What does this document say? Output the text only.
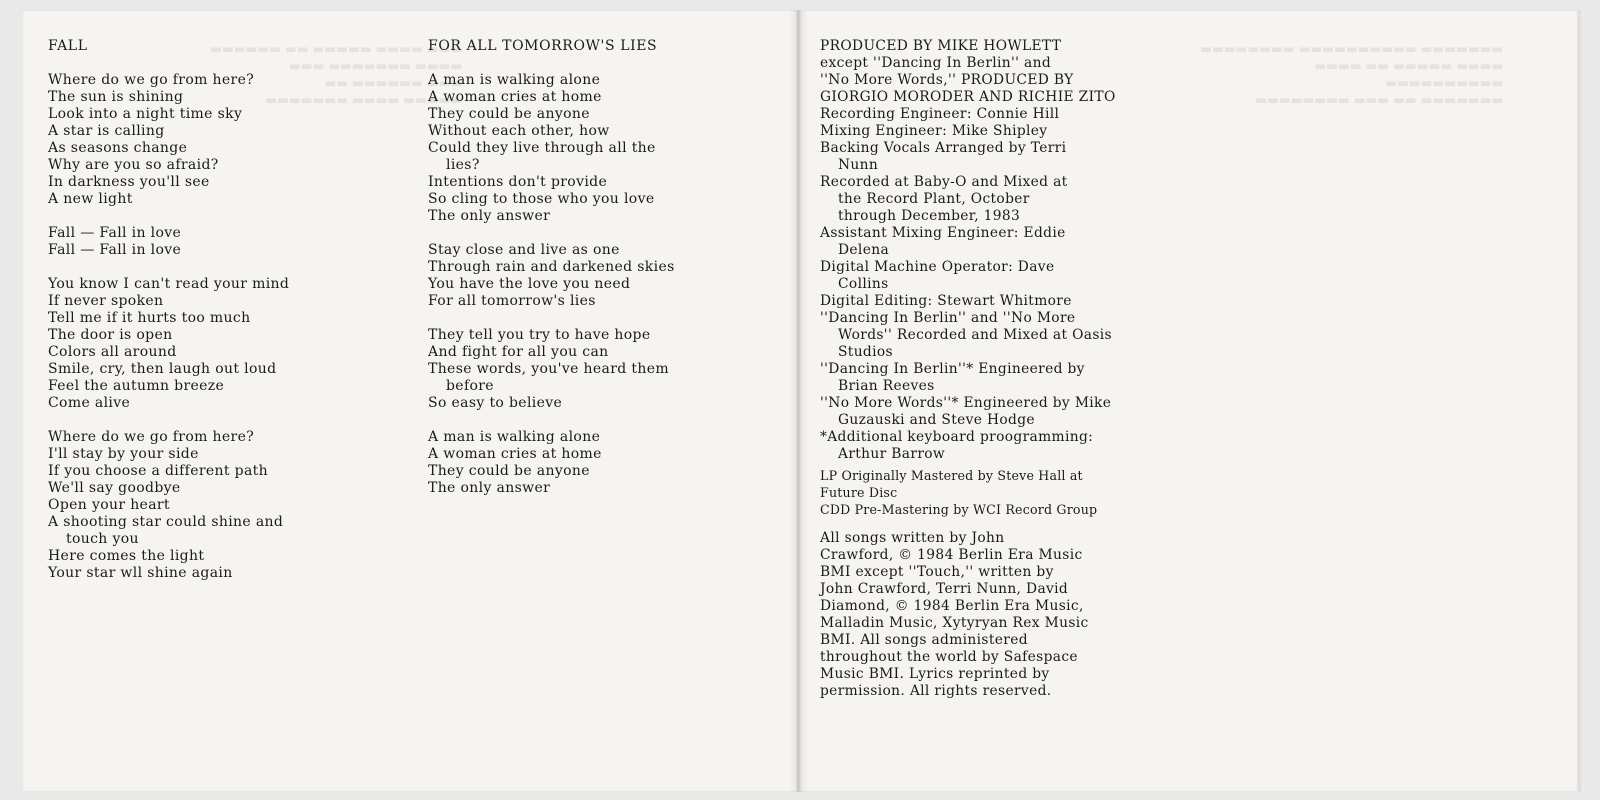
▬▬▬ ▬▬▬▬ ▬▬▬▬▬ ▬▬ ▬▬▬▬▬▬
▬▬▬▬ ▬▬▬▬▬▬▬ ▬▬▬
▬▬▬ ▬▬▬▬▬▬ ▬▬
▬▬▬▬▬ ▬▬▬▬ ▬▬▬▬▬▬▬
▬▬▬▬▬▬▬ ▬▬▬▬▬▬▬▬▬▬ ▬▬▬▬▬▬▬▬
▬▬▬▬ ▬▬▬▬▬ ▬▬ ▬▬▬▬
▬▬▬▬▬▬▬▬▬▬
▬▬▬▬▬▬▬ ▬▬ ▬▬▬ ▬▬▬▬▬▬▬▬
FALL
Where do we go from here?
The sun is shining
Look into a night time sky
A star is calling
As seasons change
Why are you so afraid?
In darkness you'll see
A new light
Fall — Fall in love
Fall — Fall in love
You know I can't read your mind
If never spoken
Tell me if it hurts too much
The door is open
Colors all around
Smile, cry, then laugh out loud
Feel the autumn breeze
Come alive
Where do we go from here?
I'll stay by your side
If you choose a different path
We'll say goodbye
Open your heart
A shooting star could shine and
touch you
Here comes the light
Your star wll shine again
FOR ALL TOMORROW'S LIES
A man is walking alone
A woman cries at home
They could be anyone
Without each other, how
Could they live through all the
lies?
Intentions don't provide
So cling to those who you love
The only answer
Stay close and live as one
Through rain and darkened skies
You have the love you need
For all tomorrow's lies
They tell you try to have hope
And fight for all you can
These words, you've heard them
before
So easy to believe
A man is walking alone
A woman cries at home
They could be anyone
The only answer
PRODUCED BY MIKE HOWLETT
except ''Dancing In Berlin'' and
''No More Words,'' PRODUCED BY
GIORGIO MORODER AND RICHIE ZITO
Recording Engineer: Connie Hill
Mixing Engineer: Mike Shipley
Backing Vocals Arranged by Terri
Nunn
Recorded at Baby-O and Mixed at
the Record Plant, October
through December, 1983
Assistant Mixing Engineer: Eddie
Delena
Digital Machine Operator: Dave
Collins
Digital Editing: Stewart Whitmore
''Dancing In Berlin'' and ''No More
Words'' Recorded and Mixed at Oasis
Studios
''Dancing In Berlin''* Engineered by
Brian Reeves
''No More Words''* Engineered by Mike
Guzauski and Steve Hodge
*Additional keyboard proogramming:
Arthur Barrow
LP Originally Mastered by Steve Hall at
Future Disc
CDD Pre-Mastering by WCI Record Group
All songs written by John
Crawford, © 1984 Berlin Era Music
BMI except ''Touch,'' written by
John Crawford, Terri Nunn, David
Diamond, © 1984 Berlin Era Music,
Malladin Music, Xytyryan Rex Music
BMI. All songs administered
throughout the world by Safespace
Music BMI. Lyrics reprinted by
permission. All rights reserved.
